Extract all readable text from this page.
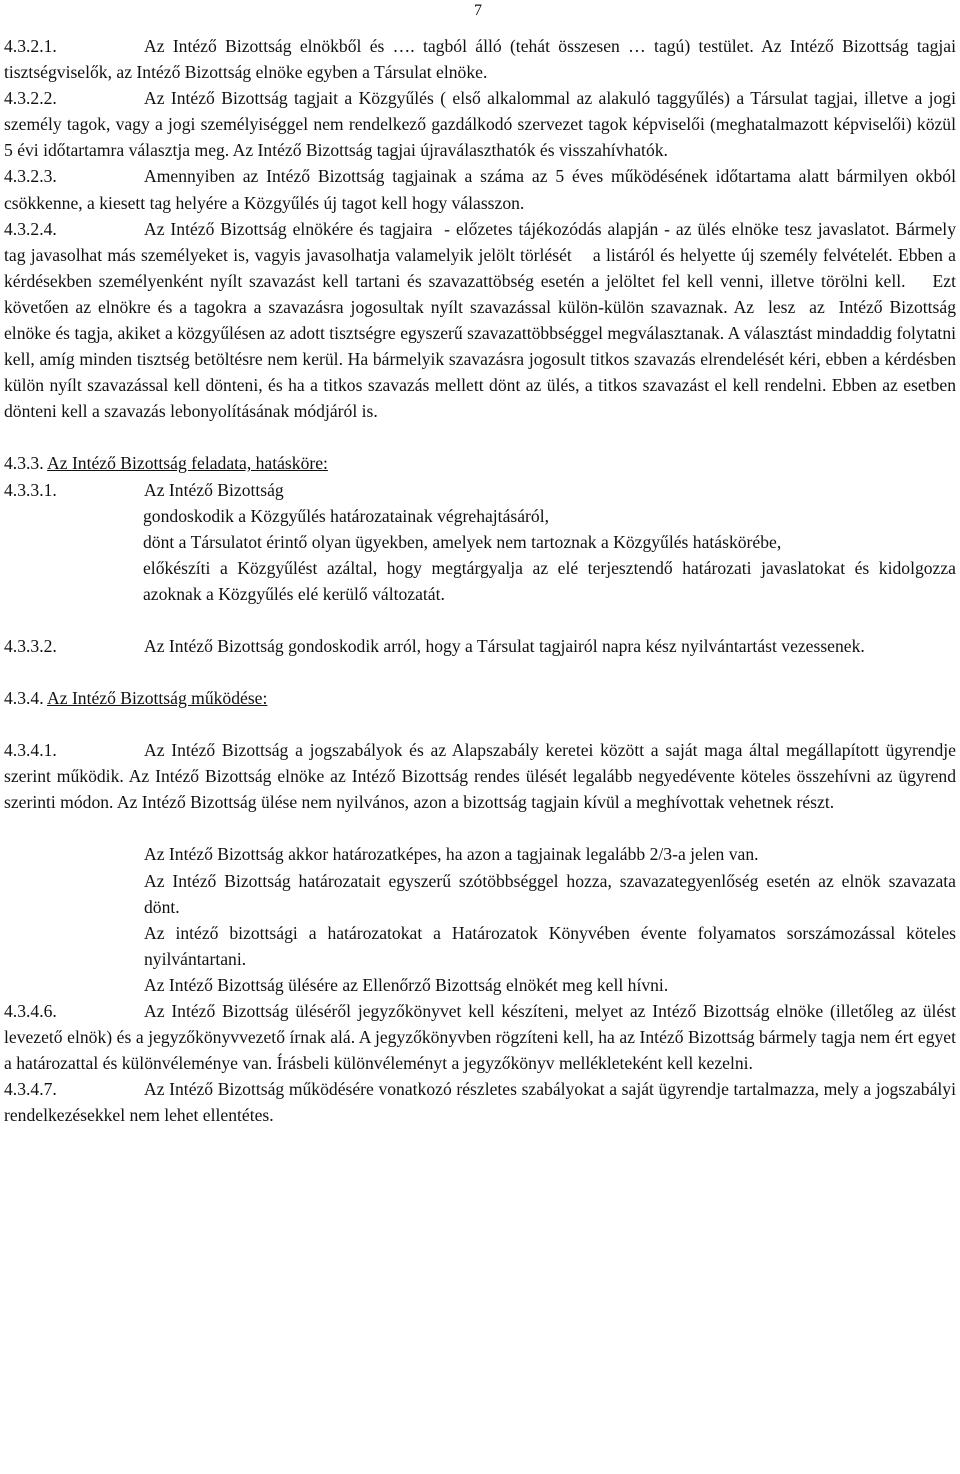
7

4.3.2.1.	Az Intéző Bizottság elnökből és …. tagból álló (tehát összesen … tagú) testület. Az Intéző Bizottság tagjai tisztségviselők, az Intéző Bizottság elnöke egyben a Társulat elnöke.

4.3.2.2.	Az Intéző Bizottság tagjait a Közgyűlés ( első alkalommal az alakuló taggyűlés) a Társulat tagjai, illetve a jogi személy tagok, vagy a jogi személyiséggel nem rendelkező gazdálkodó szervezet tagok képviselői (meghatalmazott képviselői) közül 5 évi időtartamra választja meg. Az Intéző Bizottság tagjai újraválaszthatók és visszahívhatók.

4.3.2.3.	Amennyiben az Intéző Bizottság tagjainak a száma az 5 éves működésének időtartama alatt bármilyen okból csökkenne, a kiesett tag helyére a Közgyűlés új tagot kell hogy válasszon.

4.3.2.4.	Az Intéző Bizottság elnökére és tagjaira  - előzetes tájékozódás alapján - az ülés elnöke tesz javaslatot. Bármely tag javasolhat más személyeket is, vagyis javasolhatja valamelyik jelölt törlését    a listáról és helyette új személy felvételét. Ebben a kérdésekben személyenként nyílt szavazást kell tartani és szavazattöbség esetén a jelöltet fel kell venni, illetve törölni kell.    Ezt követően az elnökre és a tagokra a szavazásra jogosultak nyílt szavazással külön-külön szavaznak. Az  lesz  az  Intéző Bizottság elnöke és tagja, akiket a közgyűlésen az adott tisztségre egyszerű szavazattöbbséggel megválasztanak. A választást mindaddig folytatni kell, amíg minden tisztség betöltésre nem kerül. Ha bármelyik szavazásra jogosult titkos szavazás elrendelését kéri, ebben a kérdésben külön nyílt szavazással kell dönteni, és ha a titkos szavazás mellett dönt az ülés, a titkos szavazást el kell rendelni. Ebben az esetben dönteni kell a szavazás lebonyolításának módjáról is.

4.3.3. Az Intéző Bizottság feladata, hatásköre:

4.3.3.1.	Az Intéző Bizottság

gondoskodik a Közgyűlés határozatainak végrehajtásáról,

dönt a Társulatot érintő olyan ügyekben, amelyek nem tartoznak a Közgyűlés hatáskörébe,

előkészíti a Közgyűlést azáltal, hogy megtárgyalja az elé terjesztendő határozati javaslatokat és kidolgozza azoknak a Közgyűlés elé kerülő változatát.

4.3.3.2.	Az Intéző Bizottság gondoskodik arról, hogy a Társulat tagjairól napra kész nyilvántartást vezessenek.

4.3.4. Az Intéző Bizottság működése:

4.3.4.1.	Az Intéző Bizottság a jogszabályok és az Alapszabály keretei között a saját maga által megállapított ügyrendje szerint működik. Az Intéző Bizottság elnöke az Intéző Bizottság rendes ülését legalább negyedévente köteles összehívni az ügyrend szerinti módon. Az Intéző Bizottság ülése nem nyilvános, azon a bizottság tagjain kívül a meghívottak vehetnek részt.

Az Intéző Bizottság akkor határozatképes, ha azon a tagjainak legalább 2/3-a jelen van.

Az Intéző Bizottság határozatait egyszerű szótöbbséggel hozza, szavazategyenlőség esetén az elnök szavazata dönt.

Az intéző bizottsági a határozatokat a Határozatok Könyvében évente folyamatos sorszámozással köteles nyilvántartani.

Az Intéző Bizottság ülésére az Ellenőrző Bizottság elnökét meg kell hívni.

4.3.4.6.	Az Intéző Bizottság üléséről jegyzőkönyvet kell készíteni, melyet az Intéző Bizottság elnöke (illetőleg az ülést levezető elnök) és a jegyzőkönyvvezető írnak alá. A jegyzőkönyvben rögzíteni kell, ha az Intéző Bizottság bármely tagja nem ért egyet a határozattal és különvéleménye van. Írásbeli különvéleményt a jegyzőkönyv mellékleteként kell kezelni.

4.3.4.7.	Az Intéző Bizottság működésére vonatkozó részletes szabályokat a saját ügyrendje tartalmazza, mely a jogszabályi rendelkezésekkel nem lehet ellentétes.
